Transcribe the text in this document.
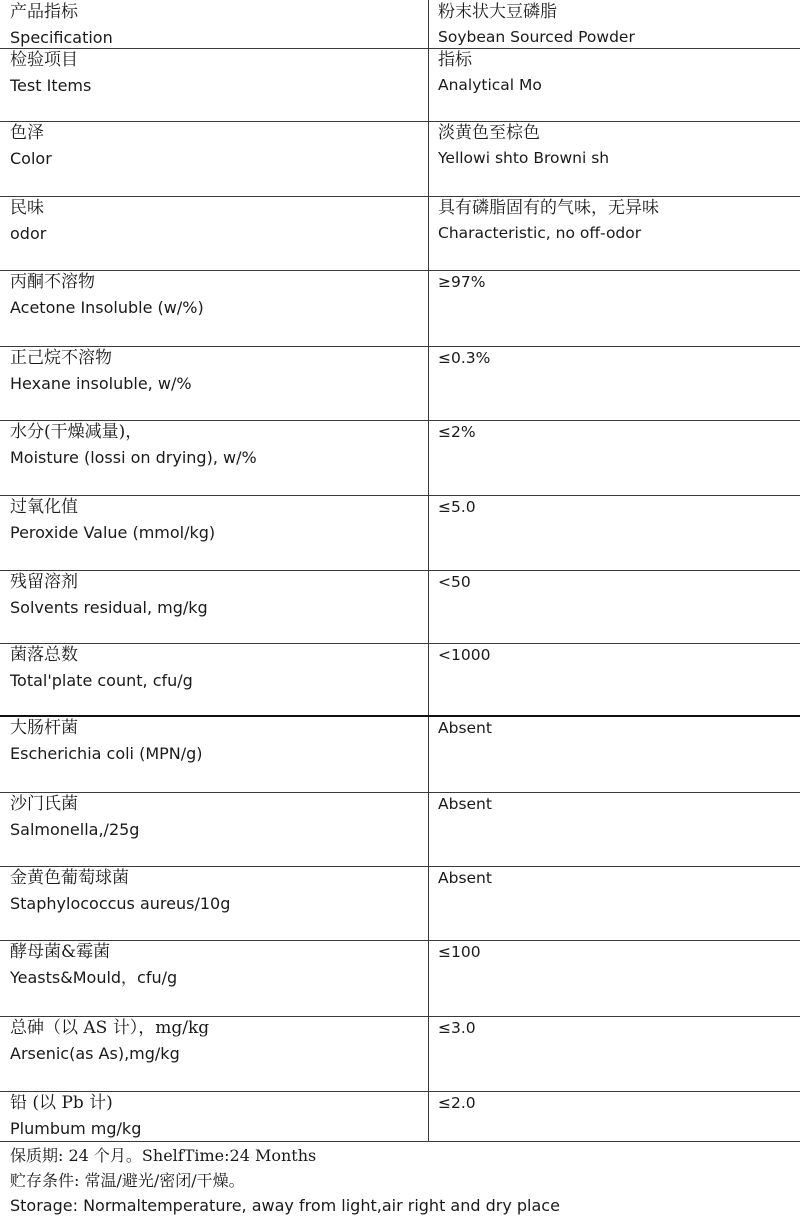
产品指标
Specification
粉末状大豆磷脂
Soybean Sourced Powder
检验项目
Test Items
指标
Analytical Mo
色泽
Color
淡黄色至棕色
Yellowi shto Browni sh
民味
odor
具有磷脂固有的气味，无异味
Characteristic, no off-odor
丙酮不溶物
Acetone Insoluble (w/%)
≥97%
正己烷不溶物
Hexane insoluble, w/%
≤0.3%
水分(干燥减量)，
Moisture (lossi on drying), w/%
≤2%
过氧化值
Peroxide Value (mmol/kg)
≤5.0
残留溶剂
Solvents residual, mg/kg
<50
菌落总数
Total'plate count, cfu/g
<1000
大肠杆菌
Escherichia coli (MPN/g)
Absent
沙门氏菌
Salmonella,/25g
Absent
金黄色葡萄球菌
Staphylococcus aureus/10g
Absent
酵母菌&霉菌
Yeasts&Mould，cfu/g
≤100
总砷（以 AS 计），mg/kg
Arsenic(as As),mg/kg
≤3.0
铅 (以 Pb 计)
Plumbum mg/kg
≤2.0
保质期: 24 个月。ShelfTime:24 Months
贮存条件: 常温/避光/密闭/干燥。
Storage: Normaltemperature, away from light,air right and dry place
